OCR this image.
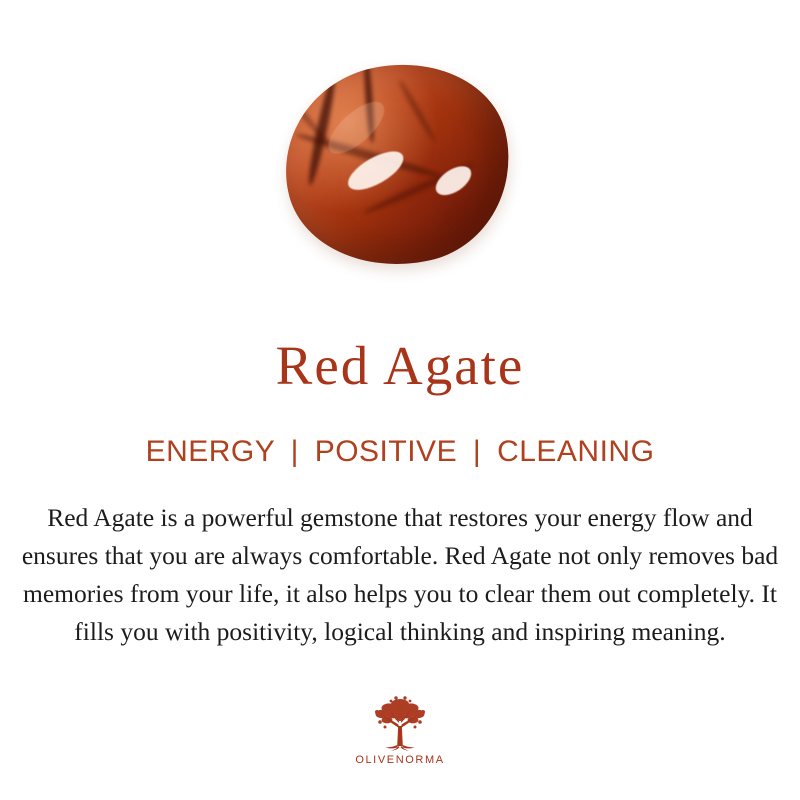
Red Agate
ENERGY | POSITIVE | CLEANING

Red Agate is a powerful gemstone that restores your energy flow and ensures that you are always comfortable. Red Agate not only removes bad memories from your life, it also helps you to clear them out completely. It fills you with positivity, logical thinking and inspiring meaning.

OLIVENORMA
